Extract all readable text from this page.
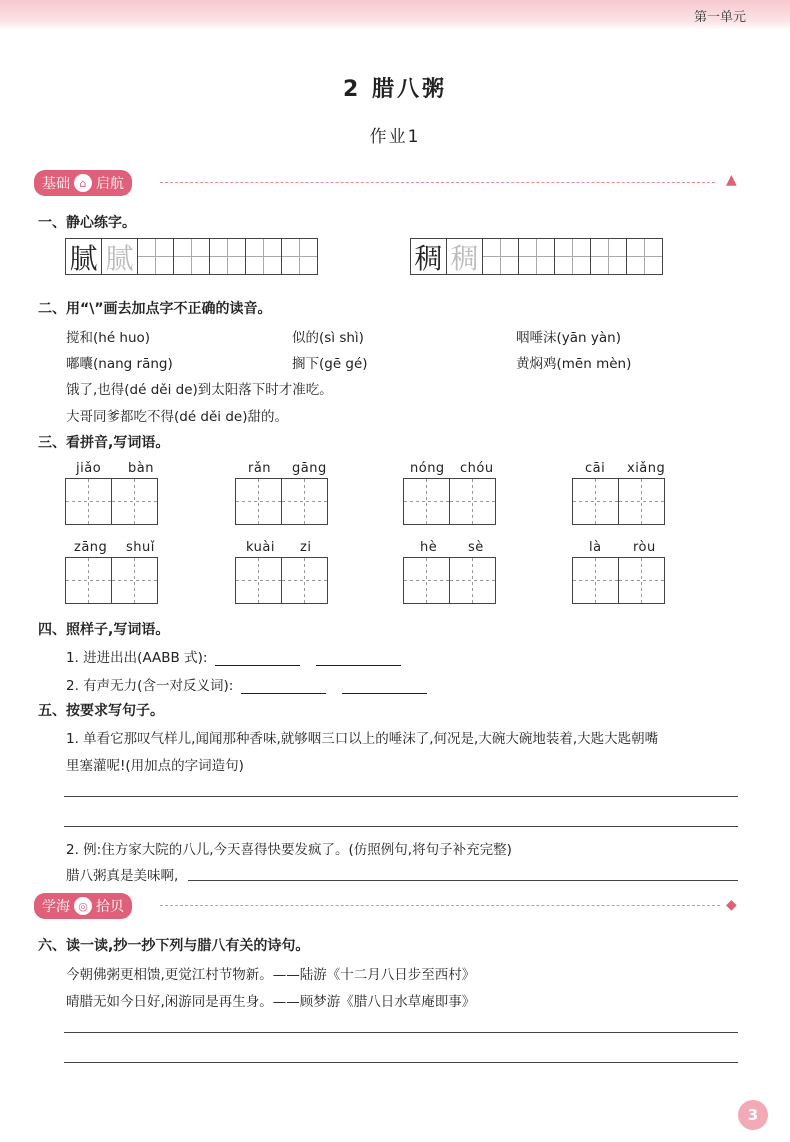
第一单元
2 腊八粥
作业1
基础 ⌂ 启航	▲
一、静心练字。
腻 腻	稠 稠
二、用“\”画去加点字不正确的读音。
搅和(hé huo)	似的(sì shì)	咽唾沫(yān yàn)
嘟囔(nang rāng)	搁下(gē gé)	黄焖鸡(mēn mèn)
饿了,也得(dé děi de)到太阳落下时才准吃。
大哥同爹都吃不得(dé děi de)甜的。
三、看拼音,写词语。
jiǎo bàn	rǎn gāng	nóng chóu	cāi xiǎng
zāng shuǐ	kuài zi	hè sè	là ròu
四、照样子,写词语。
1. 进进出出(AABB 式):
2. 有声无力(含一对反义词):
五、按要求写句子。
1. 单看它那叹气样儿,闻闻那种香味,就够咽三口以上的唾沫了,何况是,大碗大碗地装着,大匙大匙朝嘴
里塞灌呢!(用加点的字词造句)
2. 例:住方家大院的八儿,今天喜得快要发疯了。(仿照例句,将句子补充完整)
腊八粥真是美味啊,
学海 ◎ 拾贝	◆
六、读一读,抄一抄下列与腊八有关的诗句。
今朝佛粥更相馈,更觉江村节物新。——陆游《十二月八日步至西村》
晴腊无如今日好,闲游同是再生身。——顾梦游《腊八日水草庵即事》
3
